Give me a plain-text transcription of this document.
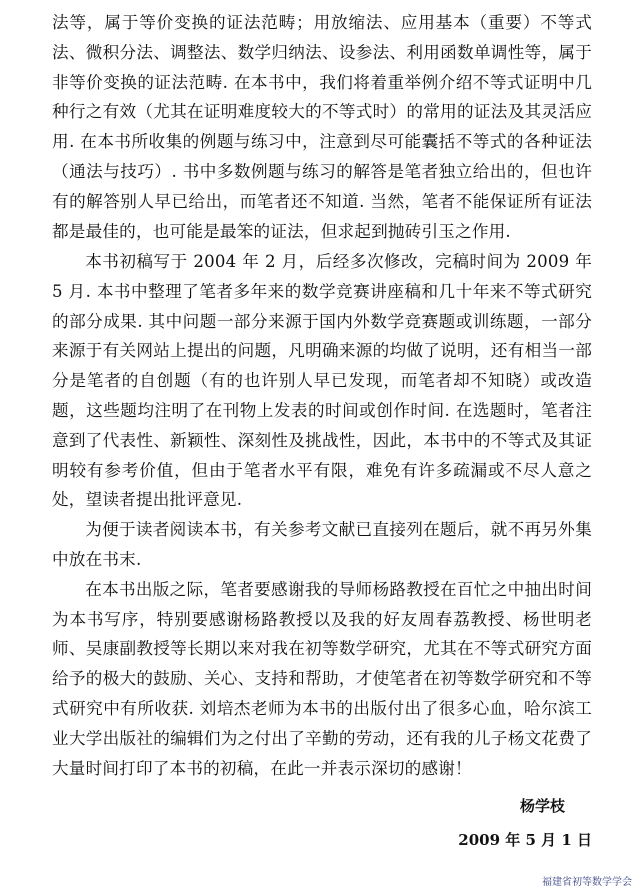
法等，属于等价变换的证法范畴；用放缩法、应用基本（重要）不等式法、微积分法、调整法、数学归纳法、设参法、利用函数单调性等，属于非等价变换的证法范畴. 在本书中，我们将着重举例介绍不等式证明中几种行之有效（尤其在证明难度较大的不等式时）的常用的证法及其灵活应用. 在本书所收集的例题与练习中，注意到尽可能囊括不等式的各种证法（通法与技巧）. 书中多数例题与练习的解答是笔者独立给出的，但也许有的解答别人早已给出，而笔者还不知道. 当然，笔者不能保证所有证法都是最佳的，也可能是最笨的证法，但求起到抛砖引玉之作用.

本书初稿写于 2004 年 2 月，后经多次修改，完稿时间为 2009 年 5 月. 本书中整理了笔者多年来的数学竞赛讲座稿和几十年来不等式研究的部分成果. 其中问题一部分来源于国内外数学竞赛题或训练题，一部分来源于有关网站上提出的问题，凡明确来源的均做了说明，还有相当一部分是笔者的自创题（有的也许别人早已发现，而笔者却不知晓）或改造题，这些题均注明了在刊物上发表的时间或创作时间. 在选题时，笔者注意到了代表性、新颖性、深刻性及挑战性，因此，本书中的不等式及其证明较有参考价值，但由于笔者水平有限，难免有许多疏漏或不尽人意之处，望读者提出批评意见.

为便于读者阅读本书，有关参考文献已直接列在题后，就不再另外集中放在书末.

在本书出版之际，笔者要感谢我的导师杨路教授在百忙之中抽出时间为本书写序，特别要感谢杨路教授以及我的好友周春荔教授、杨世明老师、吴康副教授等长期以来对我在初等数学研究，尤其在不等式研究方面给予的极大的鼓励、关心、支持和帮助，才使笔者在初等数学研究和不等式研究中有所收获. 刘培杰老师为本书的出版付出了很多心血，哈尔滨工业大学出版社的编辑们为之付出了辛勤的劳动，还有我的儿子杨文花费了大量时间打印了本书的初稿，在此一并表示深切的感谢！

杨学枝
2009 年 5 月 1 日
福建省初等数学学会
